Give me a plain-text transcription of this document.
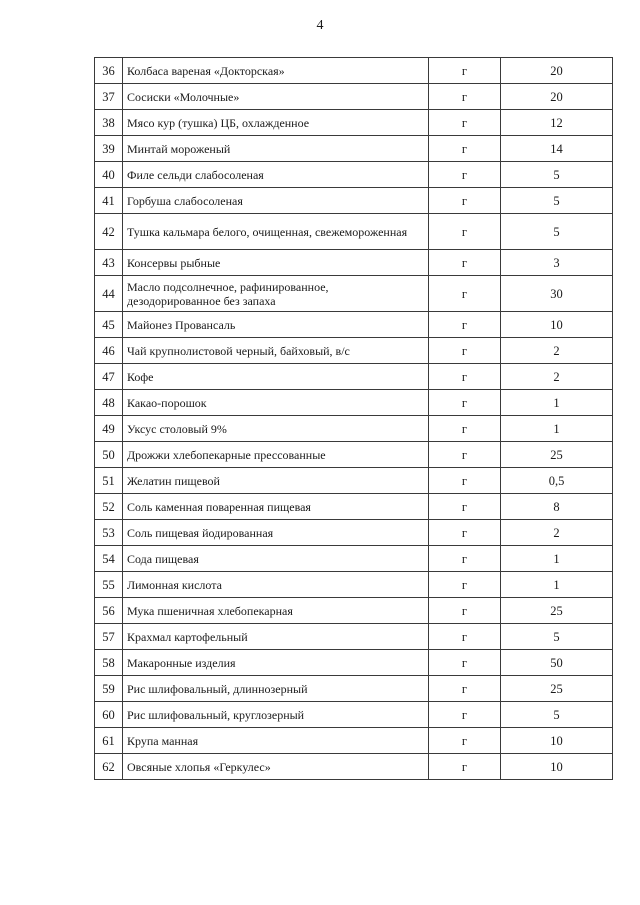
4
36	Колбаса вареная «Докторская»	г	20
37	Сосиски «Молочные»	г	20
38	Мясо кур (тушка) ЦБ, охлажденное	г	12
39	Минтай мороженый	г	14
40	Филе сельди слабосоленая	г	5
41	Горбуша слабосоленая	г	5
42	Тушка кальмара белого, очищенная, свежемороженная	г	5
43	Консервы рыбные	г	3
44	Масло подсолнечное, рафинированное, дезодорированное без запаха	г	30
45	Майонез Провансаль	г	10
46	Чай крупнолистовой черный, байховый, в/с	г	2
47	Кофе	г	2
48	Какао-порошок	г	1
49	Уксус столовый 9%	г	1
50	Дрожжи хлебопекарные прессованные	г	25
51	Желатин пищевой	г	0,5
52	Соль каменная поваренная пищевая	г	8
53	Соль пищевая йодированная	г	2
54	Сода пищевая	г	1
55	Лимонная кислота	г	1
56	Мука пшеничная хлебопекарная	г	25
57	Крахмал картофельный	г	5
58	Макаронные изделия	г	50
59	Рис шлифовальный, длиннозерный	г	25
60	Рис шлифовальный, круглозерный	г	5
61	Крупа манная	г	10
62	Овсяные хлопья «Геркулес»	г	10
